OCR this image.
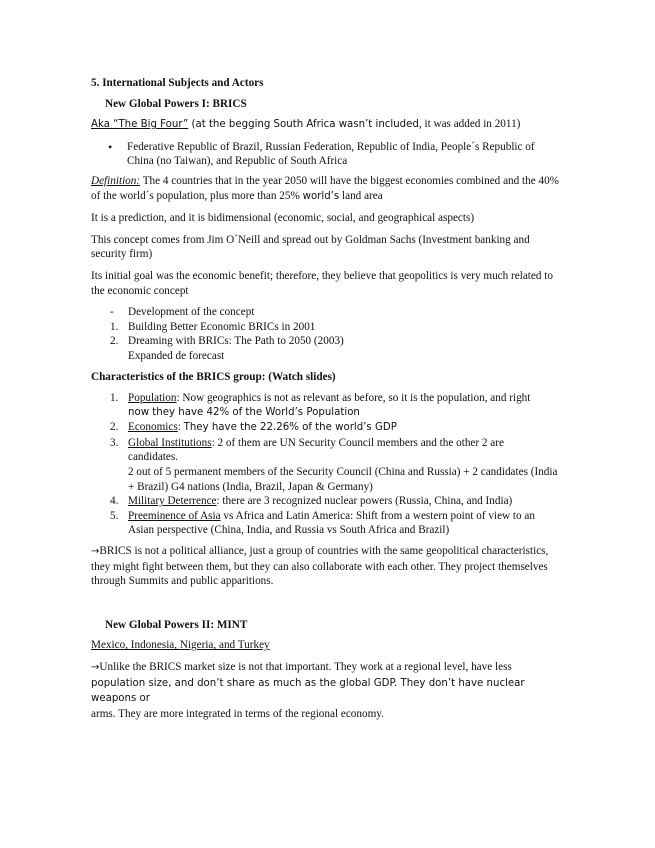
5. International Subjects and Actors

New Global Powers I: BRICS

Aka “The Big Four” (at the begging South Africa wasn’t included, it was added in 2011)

• Federative Republic of Brazil, Russian Federation, Republic of India, People´s Republic of China (no Taiwan), and Republic of South Africa

Definition: The 4 countries that in the year 2050 will have the biggest economies combined and the 40% of the world´s population, plus more than 25% world’s land area

It is a prediction, and it is bidimensional (economic, social, and geographical aspects)

This concept comes from Jim O´Neill and spread out by Goldman Sachs (Investment banking and security firm)

Its initial goal was the economic benefit; therefore, they believe that geopolitics is very much related to the economic concept

-	Development of the concept
1. Building Better Economic BRICs in 2001
2. Dreaming with BRICs: The Path to 2050 (2003)
Expanded de forecast

Characteristics of the BRICS group: (Watch slides)

1. Population: Now geographics is not as relevant as before, so it is the population, and right
now they have 42% of the World’s Population
2. Economics: They have the 22.26% of the world’s GDP
3. Global Institutions: 2 of them are UN Security Council members and the other 2 are
candidates.
2 out of 5 permanent members of the Security Council (China and Russia) + 2 candidates (India + Brazil) G4 nations (India, Brazil, Japan & Germany)
4. Military Deterrence: there are 3 recognized nuclear powers (Russia, China, and India)
5. Preeminence of Asia vs Africa and Latin America: Shift from a western point of view to an
Asian perspective (China, India, and Russia vs South Africa and Brazil)

→BRICS is not a political alliance, just a group of countries with the same geopolitical characteristics, they might fight between them, but they can also collaborate with each other. They project themselves through Summits and public apparitions.

New Global Powers II: MINT

Mexico, Indonesia, Nigeria, and Turkey

→Unlike the BRICS market size is not that important. They work at a regional level, have less
population size, and don’t share as much as the global GDP. They don’t have nuclear weapons or
arms. They are more integrated in terms of the regional economy.
